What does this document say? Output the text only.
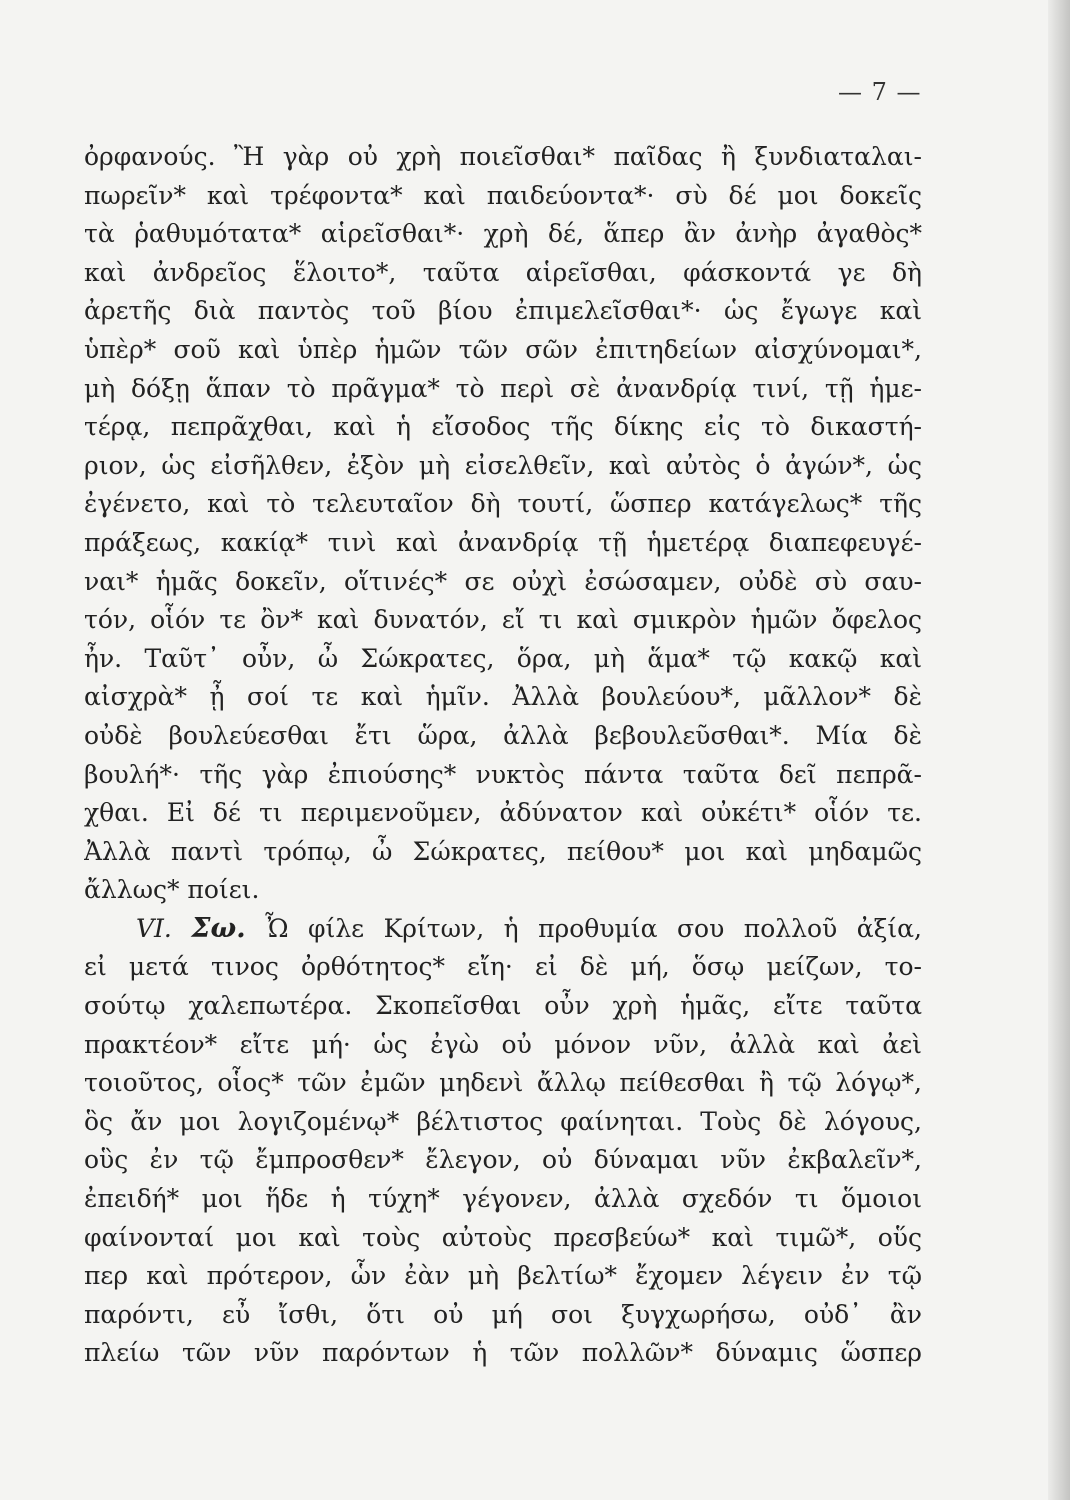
— 7 —
ὀρφανούς. Ἢ γὰρ οὐ χρὴ ποιεῖσθαι* παῖδας ἢ ξυνδιαταλαι-
πωρεῖν* καὶ τρέφοντα* καὶ παιδεύοντα*· σὺ δέ μοι δοκεῖς
τὰ ῥαθυμότατα* αἱρεῖσθαι*· χρὴ δέ, ἅπερ ἂν ἀνὴρ ἀγαθὸς*
καὶ ἀνδρεῖος ἕλοιτο*, ταῦτα αἱρεῖσθαι, φάσκοντά γε δὴ
ἀρετῆς διὰ παντὸς τοῦ βίου ἐπιμελεῖσθαι*· ὡς ἔγωγε καὶ
ὑπὲρ* σοῦ καὶ ὑπὲρ ἡμῶν τῶν σῶν ἐπιτηδείων αἰσχύνομαι*,
μὴ δόξῃ ἅπαν τὸ πρᾶγμα* τὸ περὶ σὲ ἀνανδρίᾳ τινί, τῇ ἡμε-
τέρᾳ, πεπρᾶχθαι, καὶ ἡ εἴσοδος τῆς δίκης εἰς τὸ δικαστή-
ριον, ὡς εἰσῆλθεν, ἐξὸν μὴ εἰσελθεῖν, καὶ αὐτὸς ὁ ἀγών*, ὡς
ἐγένετο, καὶ τὸ τελευταῖον δὴ τουτί, ὥσπερ κατάγελως* τῆς
πράξεως, κακίᾳ* τινὶ καὶ ἀνανδρίᾳ τῇ ἡμετέρᾳ διαπεφευγέ-
ναι* ἡμᾶς δοκεῖν, οἵτινές* σε οὐχὶ ἐσώσαμεν, οὐδὲ σὺ σαυ-
τόν, οἷόν τε ὂν* καὶ δυνατόν, εἴ τι καὶ σμικρὸν ἡμῶν ὄφελος
ἦν. Ταῦτ᾿ οὖν, ὦ Σώκρατες, ὅρα, μὴ ἅμα* τῷ κακῷ καὶ
αἰσχρὰ* ᾖ σοί τε καὶ ἡμῖν. Ἀλλὰ βουλεύου*, μᾶλλον* δὲ
οὐδὲ βουλεύεσθαι ἔτι ὥρα, ἀλλὰ βεβουλεῦσθαι*. Μία δὲ
βουλή*· τῆς γὰρ ἐπιούσης* νυκτὸς πάντα ταῦτα δεῖ πεπρᾶ-
χθαι. Εἰ δέ τι περιμενοῦμεν, ἀδύνατον καὶ οὐκέτι* οἷόν τε.
Ἀλλὰ παντὶ τρόπῳ, ὦ Σώκρατες, πείθου* μοι καὶ μηδαμῶς
ἄλλως* ποίει.
VI. Σω. Ὦ φίλε Κρίτων, ἡ προθυμία σου πολλοῦ ἀξία,
εἰ μετά τινος ὀρθότητος* εἴη· εἰ δὲ μή, ὅσῳ μείζων, το-
σούτῳ χαλεπωτέρα. Σκοπεῖσθαι οὖν χρὴ ἡμᾶς, εἴτε ταῦτα
πρακτέον* εἴτε μή· ὡς ἐγὼ οὐ μόνον νῦν, ἀλλὰ καὶ ἀεὶ
τοιοῦτος, οἷος* τῶν ἐμῶν μηδενὶ ἄλλῳ πείθεσθαι ἢ τῷ λόγῳ*,
ὃς ἄν μοι λογιζομένῳ* βέλτιστος φαίνηται. Τοὺς δὲ λόγους,
οὓς ἐν τῷ ἔμπροσθεν* ἔλεγον, οὐ δύναμαι νῦν ἐκβαλεῖν*,
ἐπειδή* μοι ἥδε ἡ τύχη* γέγονεν, ἀλλὰ σχεδόν τι ὅμοιοι
φαίνονταί μοι καὶ τοὺς αὐτοὺς πρεσβεύω* καὶ τιμῶ*, οὕς
περ καὶ πρότερον, ὧν ἐὰν μὴ βελτίω* ἔχομεν λέγειν ἐν τῷ
παρόντι, εὖ ἴσθι, ὅτι οὐ μή σοι ξυγχωρήσω, οὐδ᾿ ἂν
πλείω τῶν νῦν παρόντων ἡ τῶν πολλῶν* δύναμις ὥσπερ
